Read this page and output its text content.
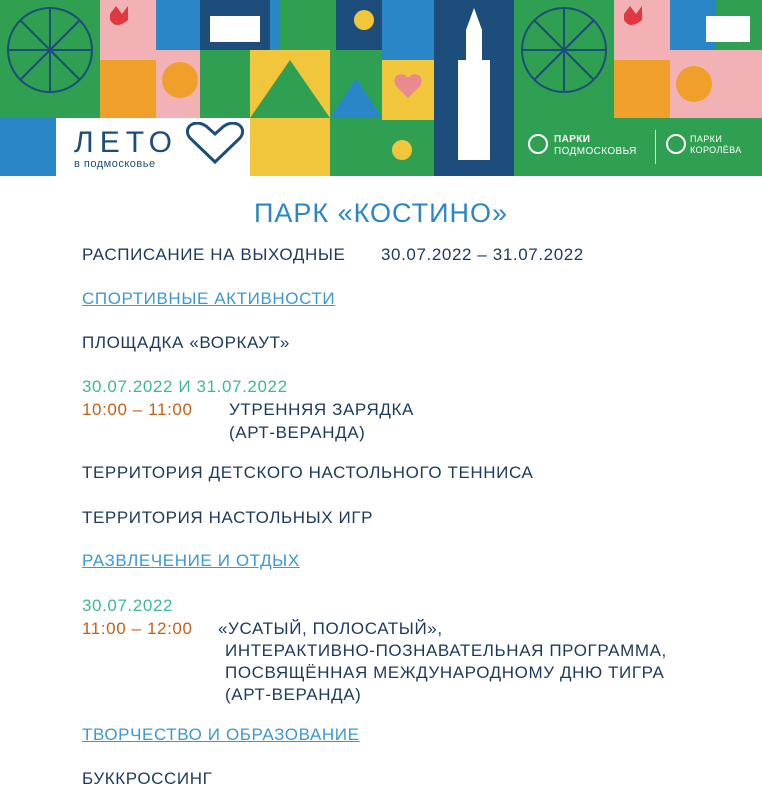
ЛЕТО
в подмосковье
ПАРКИ
ПОДМОСКОВЬЯ
ПАРКИ
КОРОЛЁВА
ПАРК «КОСТИНО»
РАСПИСАНИЕ НА ВЫХОДНЫЕ 30.07.2022 – 31.07.2022
СПОРТИВНЫЕ АКТИВНОСТИ
ПЛОЩАДКА «ВОРКАУТ»
30.07.2022 И 31.07.2022
10:00 – 11:00 УТРЕННЯЯ ЗАРЯДКА
(АРТ-ВЕРАНДА)
ТЕРРИТОРИЯ ДЕТСКОГО НАСТОЛЬНОГО ТЕННИСА
ТЕРРИТОРИЯ НАСТОЛЬНЫХ ИГР
РАЗВЛЕЧЕНИЕ И ОТДЫХ
30.07.2022
11:00 – 12:00 «УСАТЫЙ, ПОЛОСАТЫЙ»,
ИНТЕРАКТИВНО-ПОЗНАВАТЕЛЬНАЯ ПРОГРАММА,
ПОСВЯЩЁННАЯ МЕЖДУНАРОДНОМУ ДНЮ ТИГРА
(АРТ-ВЕРАНДА)
ТВОРЧЕСТВО И ОБРАЗОВАНИЕ
БУККРОССИНГ
